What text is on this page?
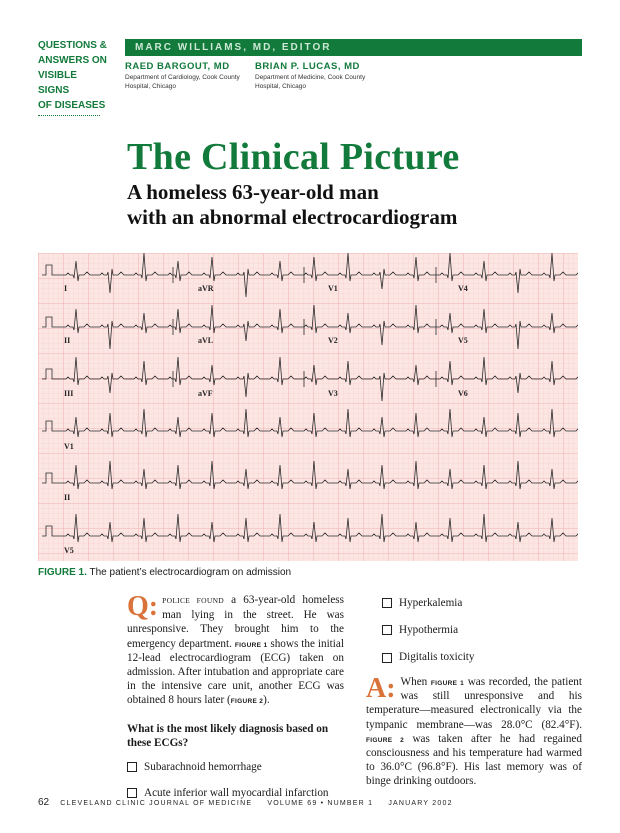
QUESTIONS &
ANSWERS ON
VISIBLE SIGNS
OF DISEASES
MARC WILLIAMS, MD, EDITOR
RAED BARGOUT, MD
Department of Cardiology, Cook County Hospital, Chicago
BRIAN P. LUCAS, MD
Department of Medicine, Cook County Hospital, Chicago
The Clinical Picture
A homeless 63-year-old man
with an abnormal electrocardiogram
I	aVR	V1	V4
II	aVL	V2	V5
III	aVF	V3	V6
V1
II
V5
FIGURE 1. The patient’s electrocardiogram on admission
Q: POLICE FOUND a 63-year-old homeless man lying in the street. He was unresponsive. They brought him to the emergency department. FIGURE 1 shows the initial 12-lead electrocardiogram (ECG) taken on admission. After intubation and appropriate care in the intensive care unit, another ECG was obtained 8 hours later (FIGURE 2).
What is the most likely diagnosis based on these ECGs?
Subarachnoid hemorrhage
Acute inferior wall myocardial infarction
Hyperkalemia
Hypothermia
Digitalis toxicity
A: When FIGURE 1 was recorded, the patient was still unresponsive and his temperature—measured electronically via the tympanic membrane—was 28.0°C (82.4°F). FIGURE 2 was taken after he had regained consciousness and his temperature had warmed to 36.0°C (96.8°F). His last memory was of binge drinking outdoors.
62 CLEVELAND CLINIC JOURNAL OF MEDICINE VOLUME 69 • NUMBER 1 JANUARY 2002
